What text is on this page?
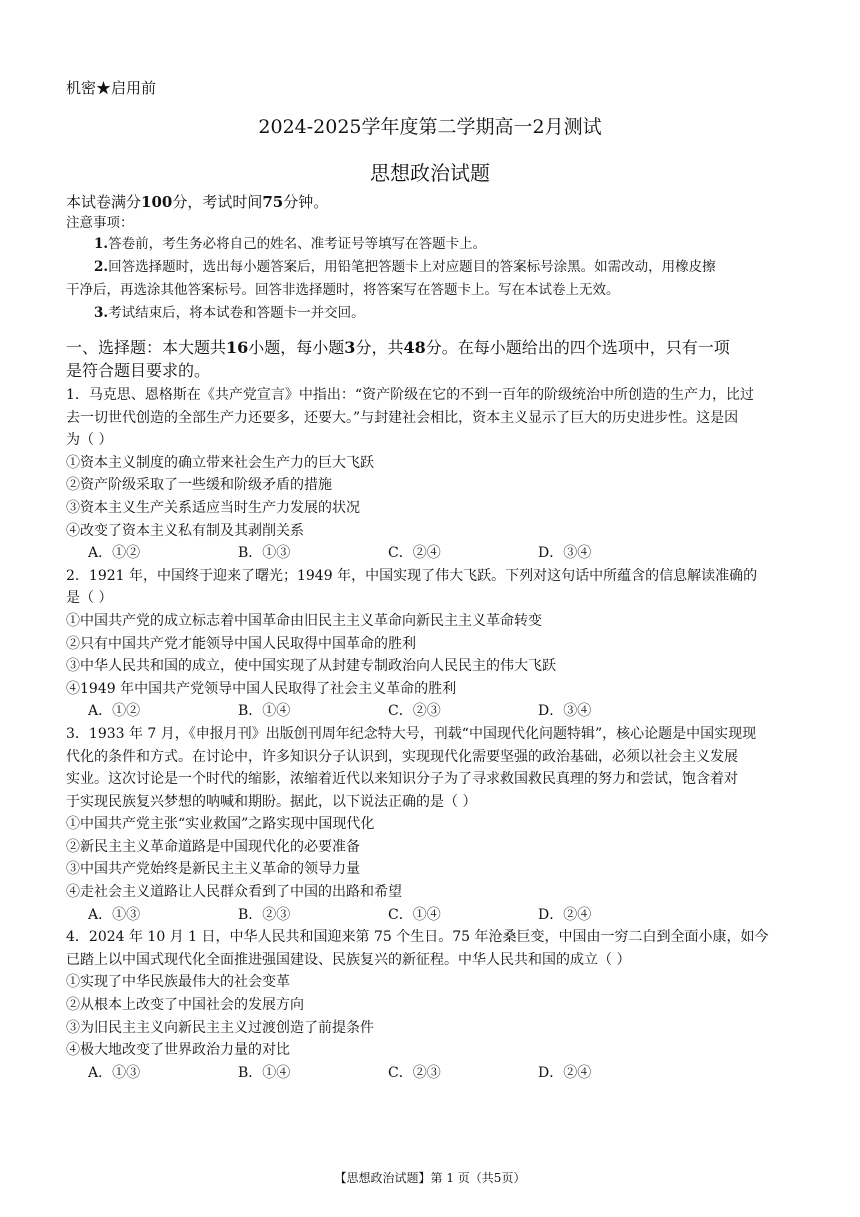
机密★启用前
2024-2025学年度第二学期高一2月测试
思想政治试题
本试卷满分100分，考试时间75分钟。
注意事项：
1.答卷前，考生务必将自己的姓名、准考证号等填写在答题卡上。
2.回答选择题时，选出每小题答案后，用铅笔把答题卡上对应题目的答案标号涂黑。如需改动，用橡皮擦
干净后，再选涂其他答案标号。回答非选择题时，将答案写在答题卡上。写在本试卷上无效。
3.考试结束后，将本试卷和答题卡一并交回。
一、选择题：本大题共16小题，每小题3分，共48分。在每小题给出的四个选项中，只有一项
是符合题目要求的。
1．马克思、恩格斯在《共产党宣言》中指出：“资产阶级在它的不到一百年的阶级统治中所创造的生产力，比过
去一切世代创造的全部生产力还要多，还要大。”与封建社会相比，资本主义显示了巨大的历史进步性。这是因
为（ ）
①资本主义制度的确立带来社会生产力的巨大飞跃
②资产阶级采取了一些缓和阶级矛盾的措施
③资本主义生产关系适应当时生产力发展的状况
④改变了资本主义私有制及其剥削关系
A．①②	B．①③	C．②④	D．③④
2．1921 年，中国终于迎来了曙光；1949 年，中国实现了伟大飞跃。下列对这句话中所蕴含的信息解读准确的
是（ ）
①中国共产党的成立标志着中国革命由旧民主主义革命向新民主主义革命转变
②只有中国共产党才能领导中国人民取得中国革命的胜利
③中华人民共和国的成立，使中国实现了从封建专制政治向人民民主的伟大飞跃
④1949 年中国共产党领导中国人民取得了社会主义革命的胜利
A．①②	B．①④	C．②③	D．③④
3．1933 年 7 月，《申报月刊》出版创刊周年纪念特大号，刊载“中国现代化问题特辑”，核心论题是中国实现现
代化的条件和方式。在讨论中，许多知识分子认识到，实现现代化需要坚强的政治基础，必须以社会主义发展
实业。这次讨论是一个时代的缩影，浓缩着近代以来知识分子为了寻求救国救民真理的努力和尝试，饱含着对
于实现民族复兴梦想的呐喊和期盼。据此，以下说法正确的是（ ）
①中国共产党主张“实业救国”之路实现中国现代化
②新民主主义革命道路是中国现代化的必要准备
③中国共产党始终是新民主主义革命的领导力量
④走社会主义道路让人民群众看到了中国的出路和希望
A．①③	B．②③	C．①④	D．②④
4．2024 年 10 月 1 日，中华人民共和国迎来第 75 个生日。75 年沧桑巨变，中国由一穷二白到全面小康，如今
已踏上以中国式现代化全面推进强国建设、民族复兴的新征程。中华人民共和国的成立（ ）
①实现了中华民族最伟大的社会变革
②从根本上改变了中国社会的发展方向
③为旧民主主义向新民主主义过渡创造了前提条件
④极大地改变了世界政治力量的对比
A．①③	B．①④	C．②③	D．②④
【思想政治试题】第 1 页（共5页）
